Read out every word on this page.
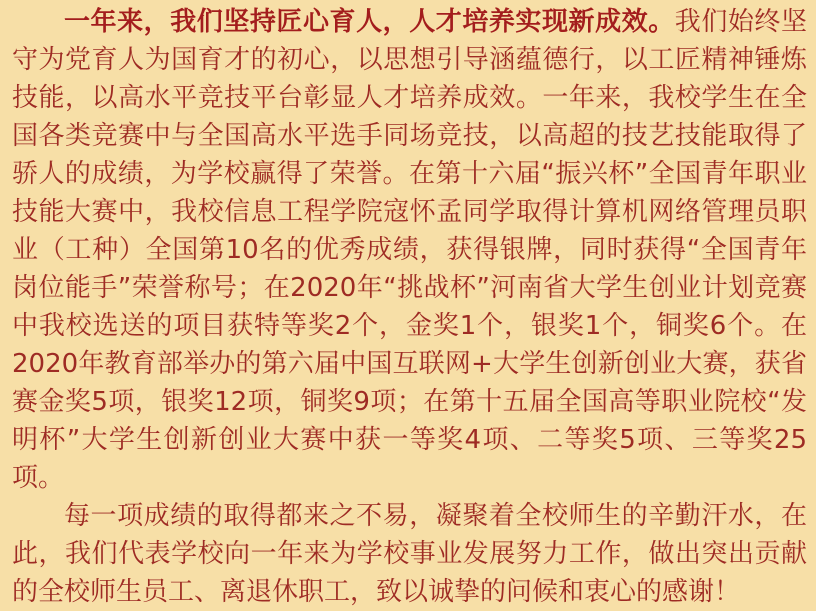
一年来，我们坚持匠心育人，人才培养实现新成效。我们始终坚守为党育人为国育才的初心，以思想引导涵蕴德行，以工匠精神锤炼技能，以高水平竞技平台彰显人才培养成效。一年来，我校学生在全国各类竞赛中与全国高水平选手同场竞技，以高超的技艺技能取得了骄人的成绩，为学校赢得了荣誉。在第十六届“振兴杯”全国青年职业技能大赛中，我校信息工程学院寇怀孟同学取得计算机网络管理员职业（工种）全国第10名的优秀成绩，获得银牌，同时获得“全国青年岗位能手”荣誉称号；在2020年“挑战杯”河南省大学生创业计划竞赛中我校选送的项目获特等奖2个，金奖1个，银奖1个，铜奖6个。在2020年教育部举办的第六届中国互联网+大学生创新创业大赛，获省赛金奖5项，银奖12项，铜奖9项；在第十五届全国高等职业院校“发明杯”大学生创新创业大赛中获一等奖4项、二等奖5项、三等奖25项。

每一项成绩的取得都来之不易，凝聚着全校师生的辛勤汗水，在此，我们代表学校向一年来为学校事业发展努力工作，做出突出贡献的全校师生员工、离退休职工，致以诚挚的问候和衷心的感谢！
